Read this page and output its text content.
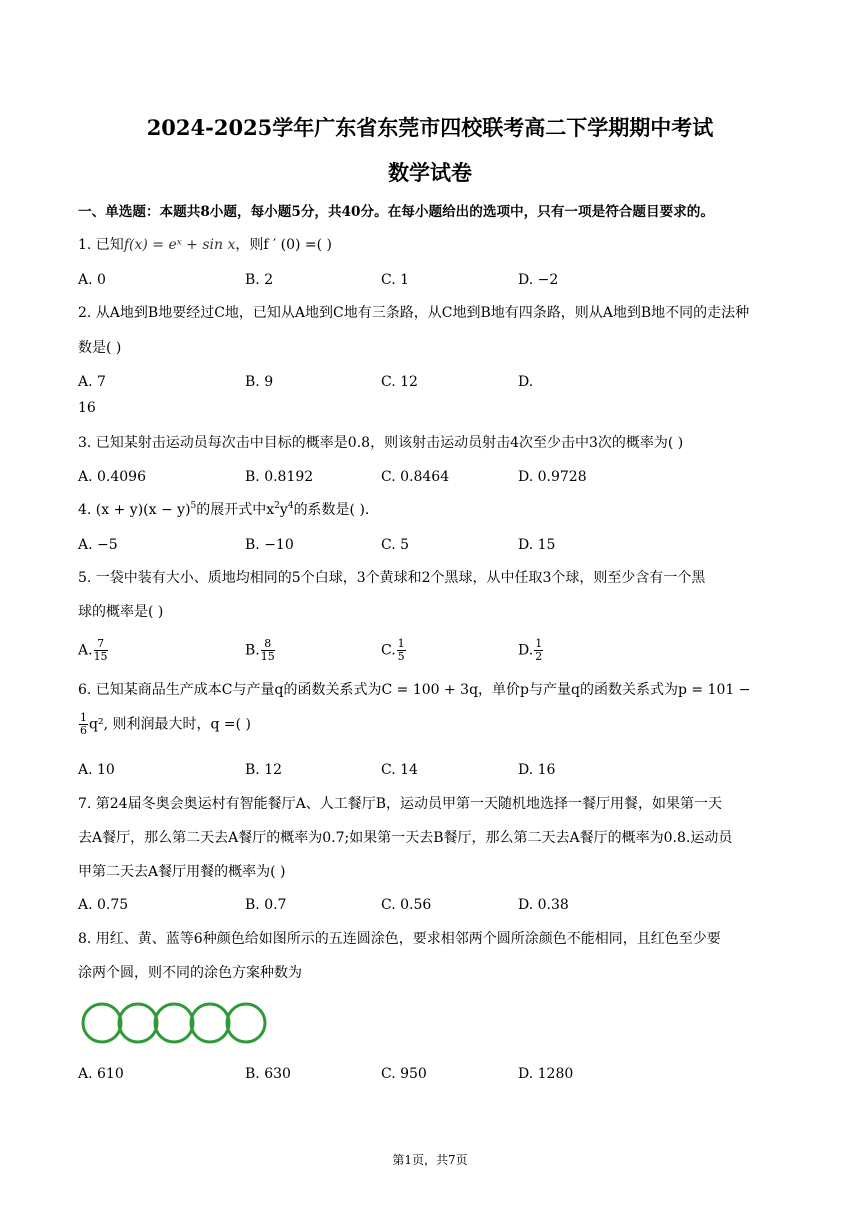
2024-2025学年广东省东莞市四校联考高二下学期期中考试
数学试卷
一、单选题：本题共8小题，每小题5分，共40分。在每小题给出的选项中，只有一项是符合题目要求的。
1. 已知f(x) = eˣ + sin x，则f ′ (0) =( )
A. 0	B. 2	C. 1	D. −2
2. 从A地到B地要经过C地，已知从A地到C地有三条路，从C地到B地有四条路，则从A地到B地不同的走法种
数是( )
A. 7	B. 9	C. 12	D.
16
3. 已知某射击运动员每次击中目标的概率是0.8，则该射击运动员射击4次至少击中3次的概率为( )
A. 0.4096	B. 0.8192	C. 0.8464	D. 0.9728
4. $(x + y)(x - y)^5$的展开式中$x^2y^4$的系数是( ).
A. −5	B. −10	C. 5	D. 15
5. 一袋中装有大小、质地均相同的5个白球，3个黄球和2个黑球，从中任取3个球，则至少含有一个黑
球的概率是( )
A. $\frac{7}{15}$	B. $\frac{8}{15}$	C. $\frac{1}{5}$	D. $\frac{1}{2}$
6. 已知某商品生产成本C与产量q的函数关系式为C = 100 + 3q，单价p与产量q的函数关系式为p = 101 −
$\frac{1}{6} q^2$, 则利润最大时，q =( )
A. 10	B. 12	C. 14	D. 16
7. 第24届冬奥会奥运村有智能餐厅A、人工餐厅B，运动员甲第一天随机地选择一餐厅用餐，如果第一天
去A餐厅，那么第二天去A餐厅的概率为0.7;如果第一天去B餐厅，那么第二天去A餐厅的概率为0.8.运动员
甲第二天去A餐厅用餐的概率为( )
A. 0.75	B. 0.7	C. 0.56	D. 0.38
8. 用红、黄、蓝等6种颜色给如图所示的五连圆涂色，要求相邻两个圆所涂颜色不能相同，且红色至少要
涂两个圆，则不同的涂色方案种数为
A. 610	B. 630	C. 950	D. 1280
第1页，共7页
